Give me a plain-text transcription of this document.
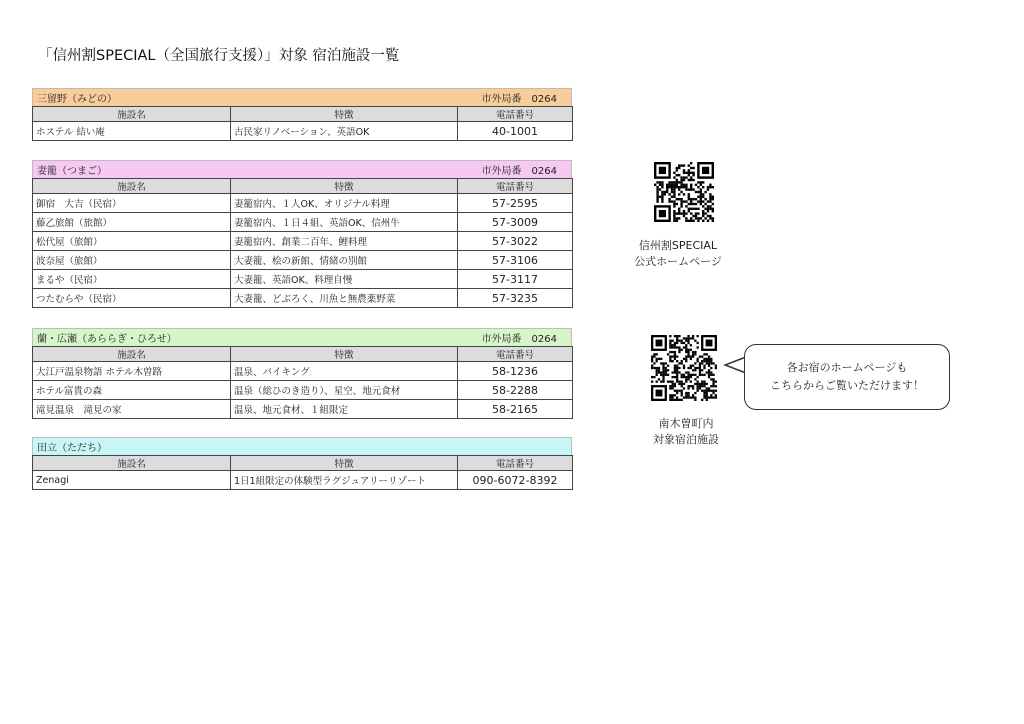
「信州割SPECIAL（全国旅行支援）」対象 宿泊施設一覧
三留野（みどの）	市外局番　0264
施設名	特徴	電話番号
ホステル 結い庵	古民家リノベーション、英語OK	40-1001
妻籠（つまご）	市外局番　0264
施設名	特徴	電話番号
御宿　大吉（民宿）	妻籠宿内、１人OK、オリジナル料理	57-2595
藤乙旅館（旅館）	妻籠宿内、１日４組、英語OK、信州牛	57-3009
松代屋（旅館）	妻籠宿内、創業二百年、鯉料理	57-3022
波奈屋（旅館）	大妻籠、桧の新館、情緒の別館	57-3106
まるや（民宿）	大妻籠、英語OK、料理自慢	57-3117
つたむらや（民宿）	大妻籠、どぶろく、川魚と無農薬野菜	57-3235
蘭・広瀬（あららぎ・ひろせ）	市外局番　0264
施設名	特徴	電話番号
大江戸温泉物語 ホテル木曽路	温泉、バイキング	58-1236
ホテル富貴の森	温泉（総ひのき造り）、星空、地元食材	58-2288
滝見温泉　滝見の家	温泉、地元食材、１組限定	58-2165
田立（ただち）
施設名	特徴	電話番号
Zenagi	1日1組限定の体験型ラグジュアリーリゾート	090-6072-8392
信州割SPECIAL
公式ホームページ
南木曽町内
対象宿泊施設
各お宿のホームページも
こちらからご覧いただけます！
